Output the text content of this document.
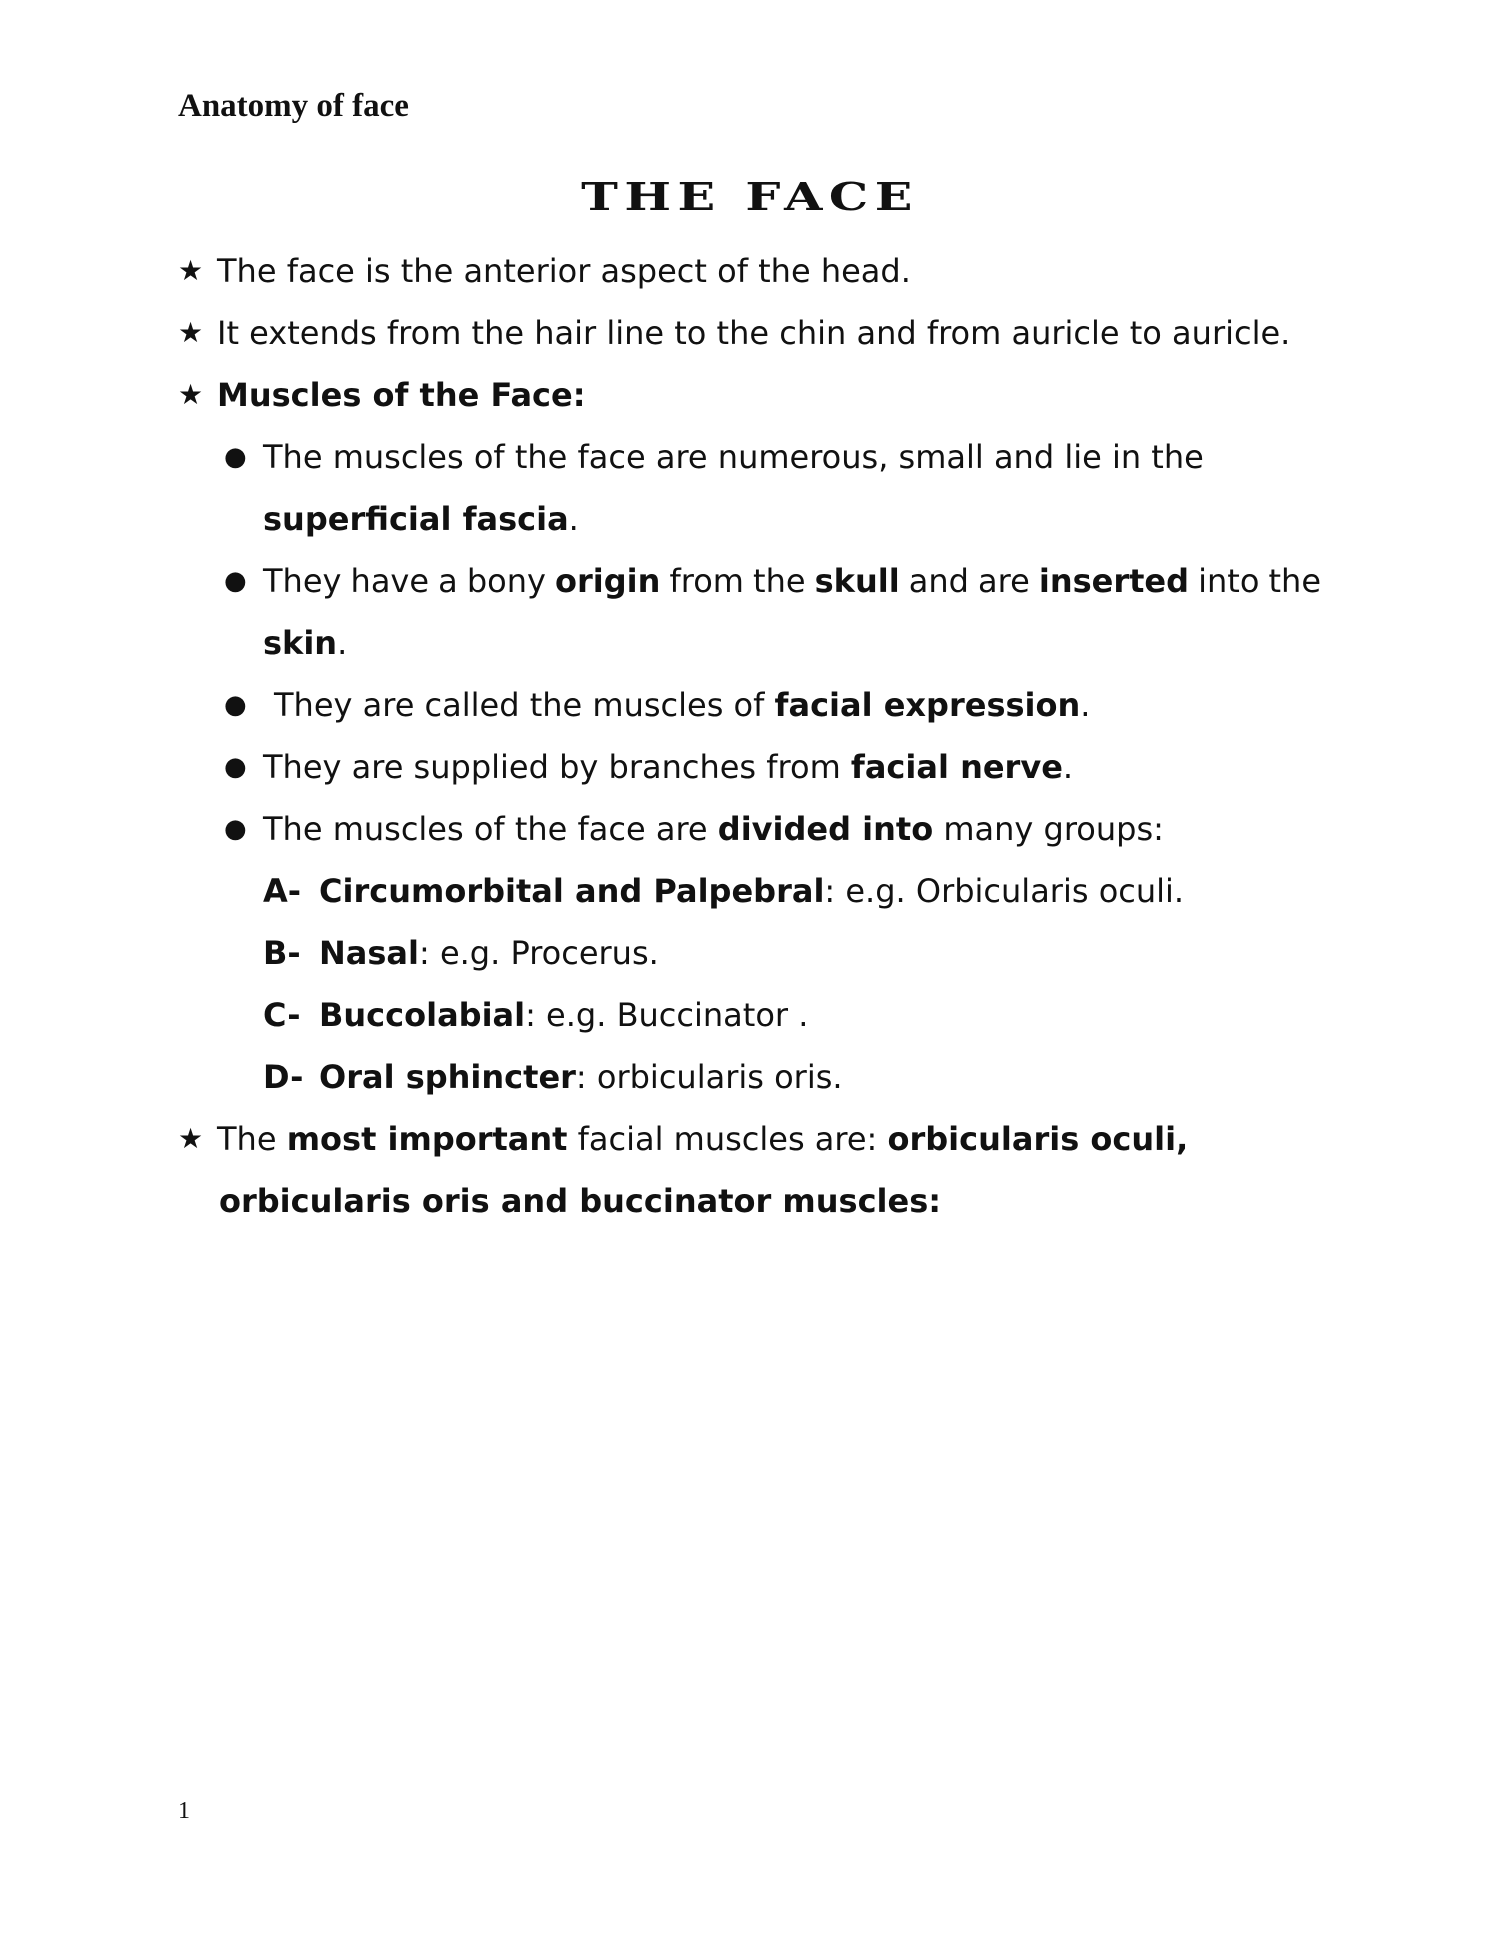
Anatomy of face
THE FACE
★ The face is the anterior aspect of the head.
★ It extends from the hair line to the chin and from auricle to auricle.
★ Muscles of the Face:
● The muscles of the face are numerous, small and lie in the
superficial fascia.
● They have a bony origin from the skull and are inserted into the
skin.
● They are called the muscles of facial expression.
● They are supplied by branches from facial nerve.
● The muscles of the face are divided into many groups:
A- Circumorbital and Palpebral: e.g. Orbicularis oculi.
B- Nasal: e.g. Procerus.
C- Buccolabial: e.g. Buccinator .
D- Oral sphincter: orbicularis oris.
★ The most important facial muscles are: orbicularis oculi,
orbicularis oris and buccinator muscles:
1
